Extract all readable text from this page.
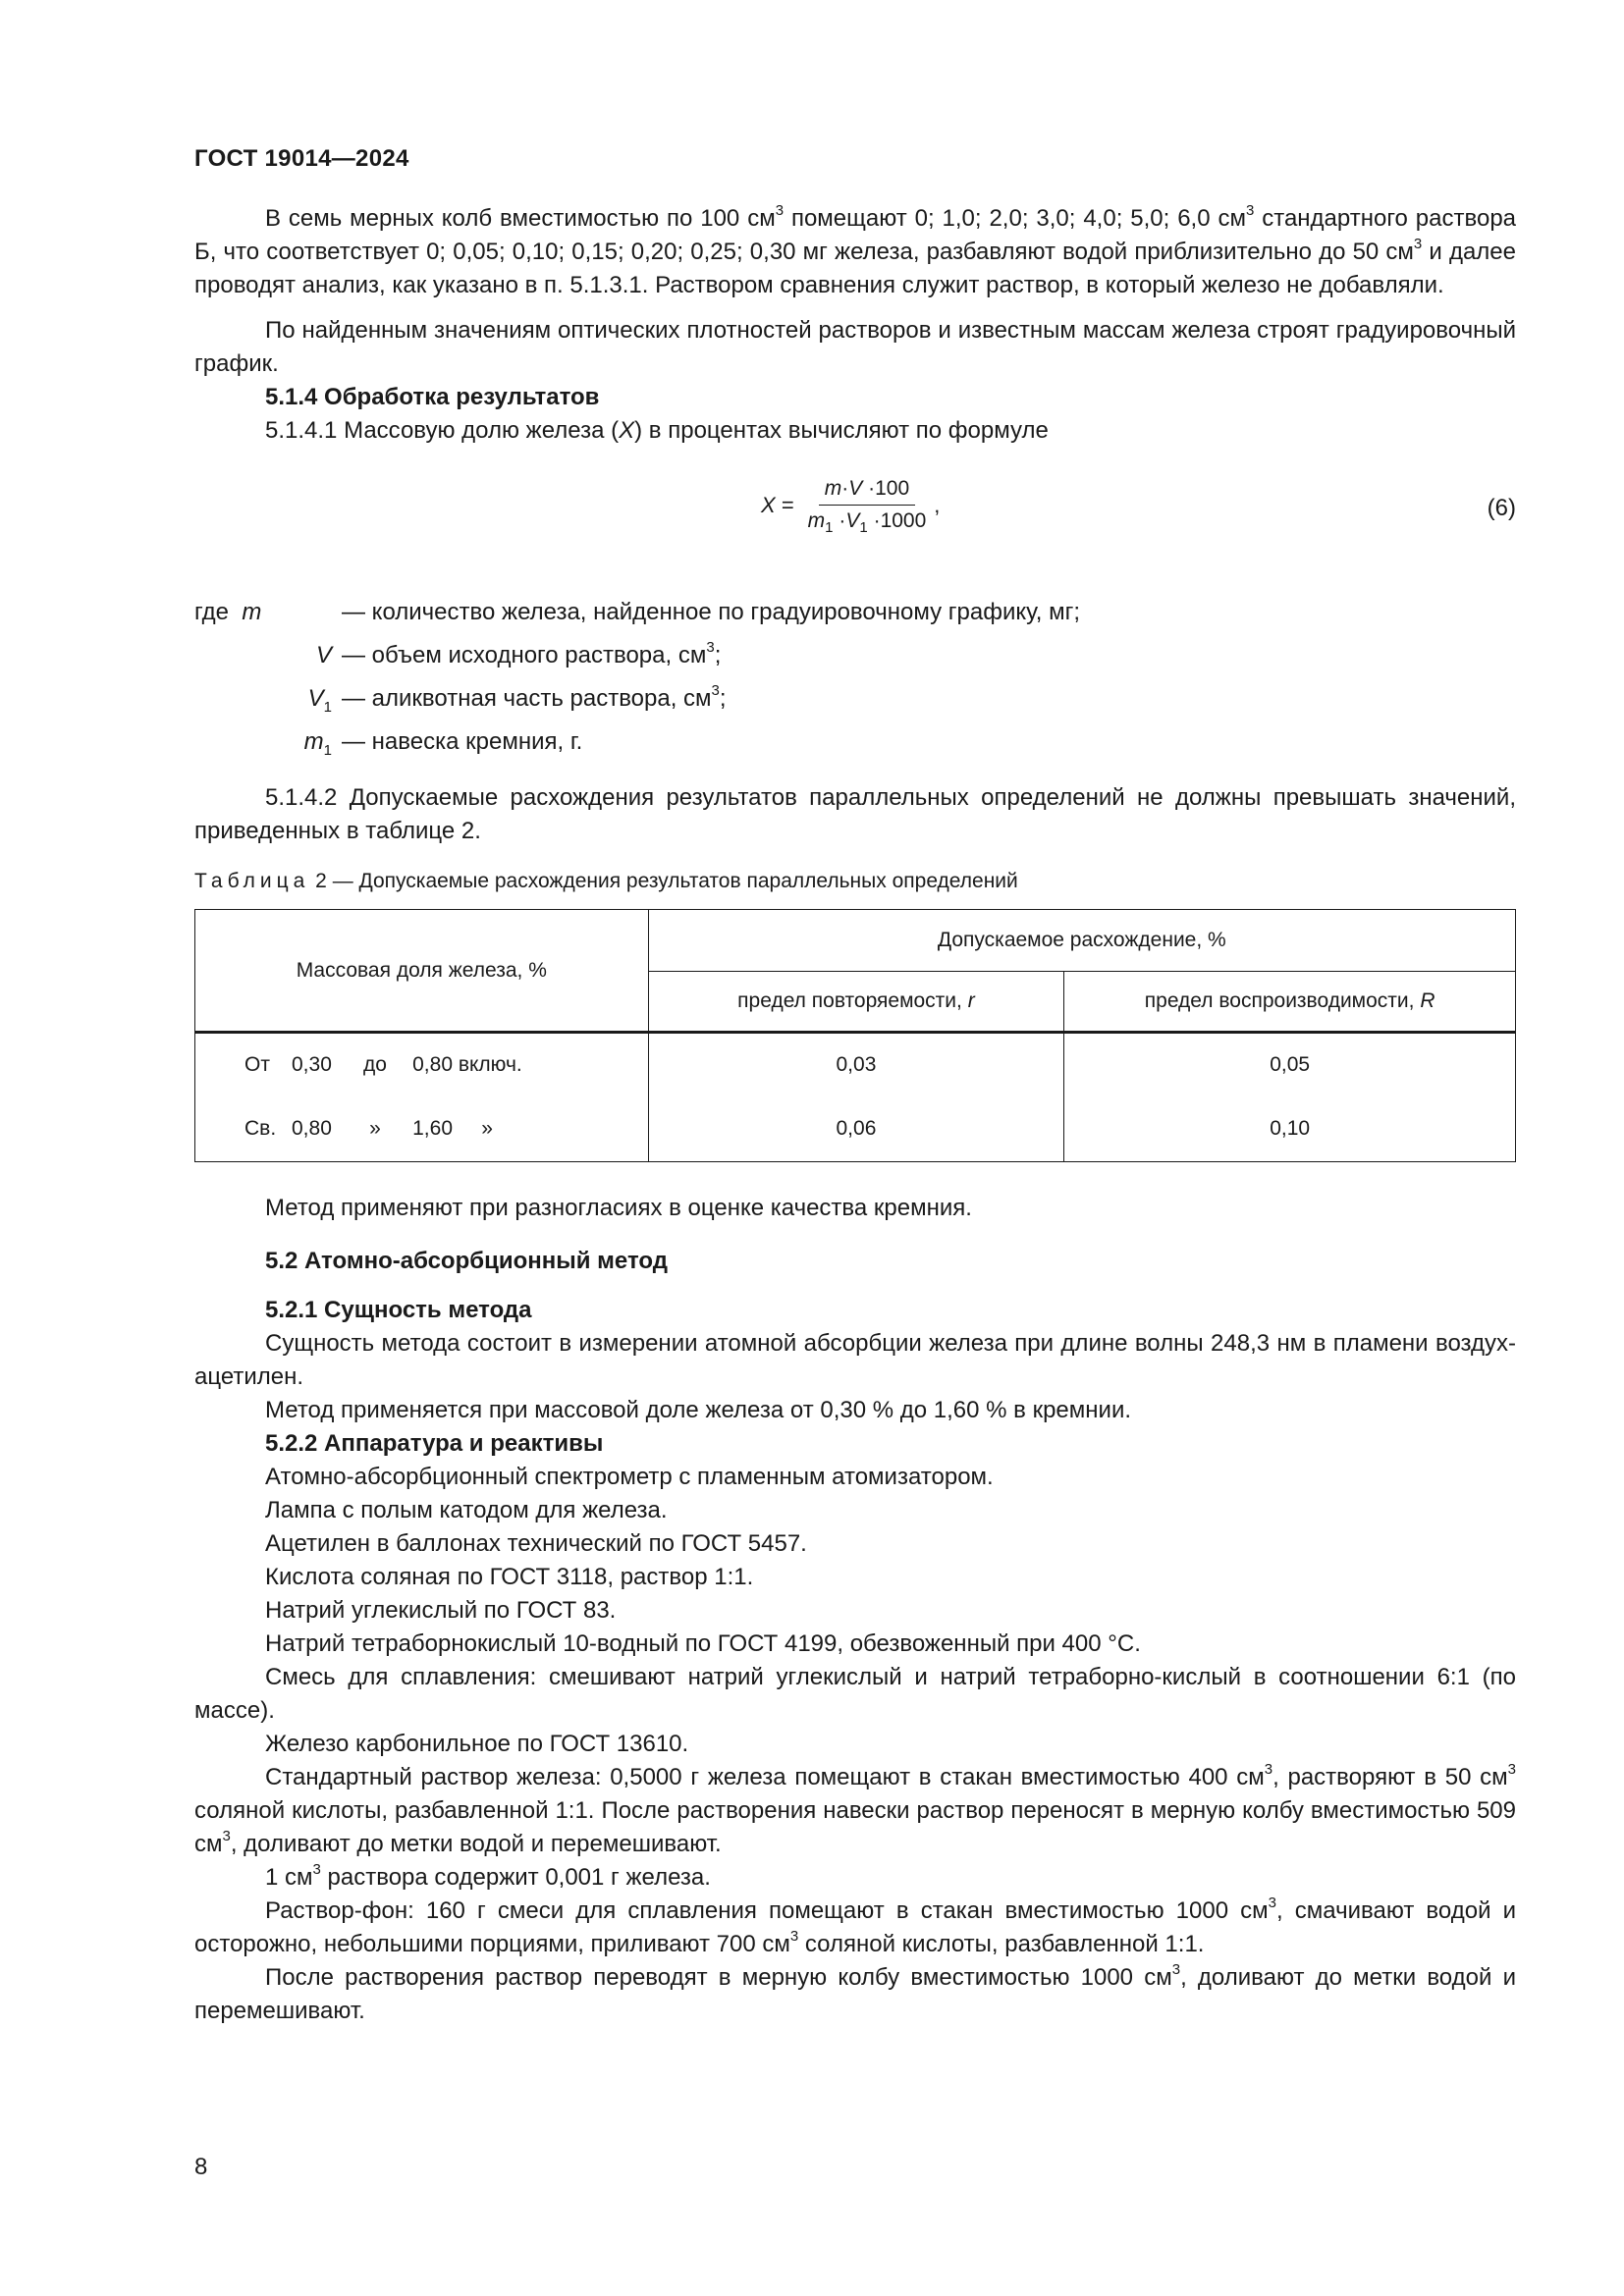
ГОСТ 19014—2024

В семь мерных колб вместимостью по 100 $см^3$ помещают 0; 1,0; 2,0; 3,0; 4,0; 5,0; 6,0 $см^3$ стандартного раствора Б, что соответствует 0; 0,05; 0,10; 0,15; 0,20; 0,25; 0,30 мг железа, разбавляют водой приблизительно до 50 $см^3$ и далее проводят анализ, как указано в п. 5.1.3.1. Раствором сравнения служит раствор, в который железо не добавляли.

По найденным значениям оптических плотностей растворов и известным массам железа строят градуировочный график.

5.1.4 Обработка результатов

5.1.4.1 Массовую долю железа (X) в процентах вычисляют по формуле

X
= $\frac{m\cdot V \cdot 100}{m_1 \cdot V_1 \cdot 1000}$ ,	(6)
где m	— количество железа, найденное по градуировочному графику, мг;
V — объем исходного раствора, $см^3$;
$V_1$ — аликвотная часть раствора, $см^3$;
$m_1$ — навеска кремния, г.

5.1.4.2 Допускаемые расхождения результатов параллельных определений не должны превышать значений, приведенных в таблице 2.

Таблица 2 — Допускаемые расхождения результатов параллельных определений
Массовая доля железа, %	Допускаемое расхождение, %	
	предел повторяемости, r	предел воспроизводимости, R
От 0,30 до 0,80 включ.	0,03	0,05
Св. 0,80 » 1,60 »	0,06	0,10

Метод применяют при разногласиях в оценке качества кремния.

5.2 Атомно-абсорбционный метод
5.2.1 Сущность метода

Сущность метода состоит в измерении атомной абсорбции железа при длине волны 248,3 нм в пламени воздух-ацетилен.

Метод применяется при массовой доле железа от 0,30 % до 1,60 % в кремнии.

5.2.2 Аппаратура и реактивы

Атомно-абсорбционный спектрометр с пламенным атомизатором.

Лампа с полым катодом для железа.

Ацетилен в баллонах технический по ГОСТ 5457.

Кислота соляная по ГОСТ 3118, раствор 1:1.

Натрий углекислый по ГОСТ 83.

Натрий тетраборнокислый 10-водный по ГОСТ 4199, обезвоженный при 400 °С.

Смесь для сплавления: смешивают натрий углекислый и натрий тетраборно-кислый в соотношении 6:1 (по массе).

Железо карбонильное по ГОСТ 13610.

Стандартный раствор железа: 0,5000 г железа помещают в стакан вместимостью 400 $см^3$, растворяют в 50 $см^3$ соляной кислоты, разбавленной 1:1. После растворения навески раствор переносят в мерную колбу вместимостью 509 $см^3$, доливают до метки водой и перемешивают.

1 $см^3$ раствора содержит 0,001 г железа.

Раствор-фон: 160 г смеси для сплавления помещают в стакан вместимостью 1000 $см^3$, смачивают водой и осторожно, небольшими порциями, приливают 700 $см^3$ соляной кислоты, разбавленной 1:1.

После растворения раствор переводят в мерную колбу вместимостью 1000 $см^3$, доливают до метки водой и перемешивают.

8
